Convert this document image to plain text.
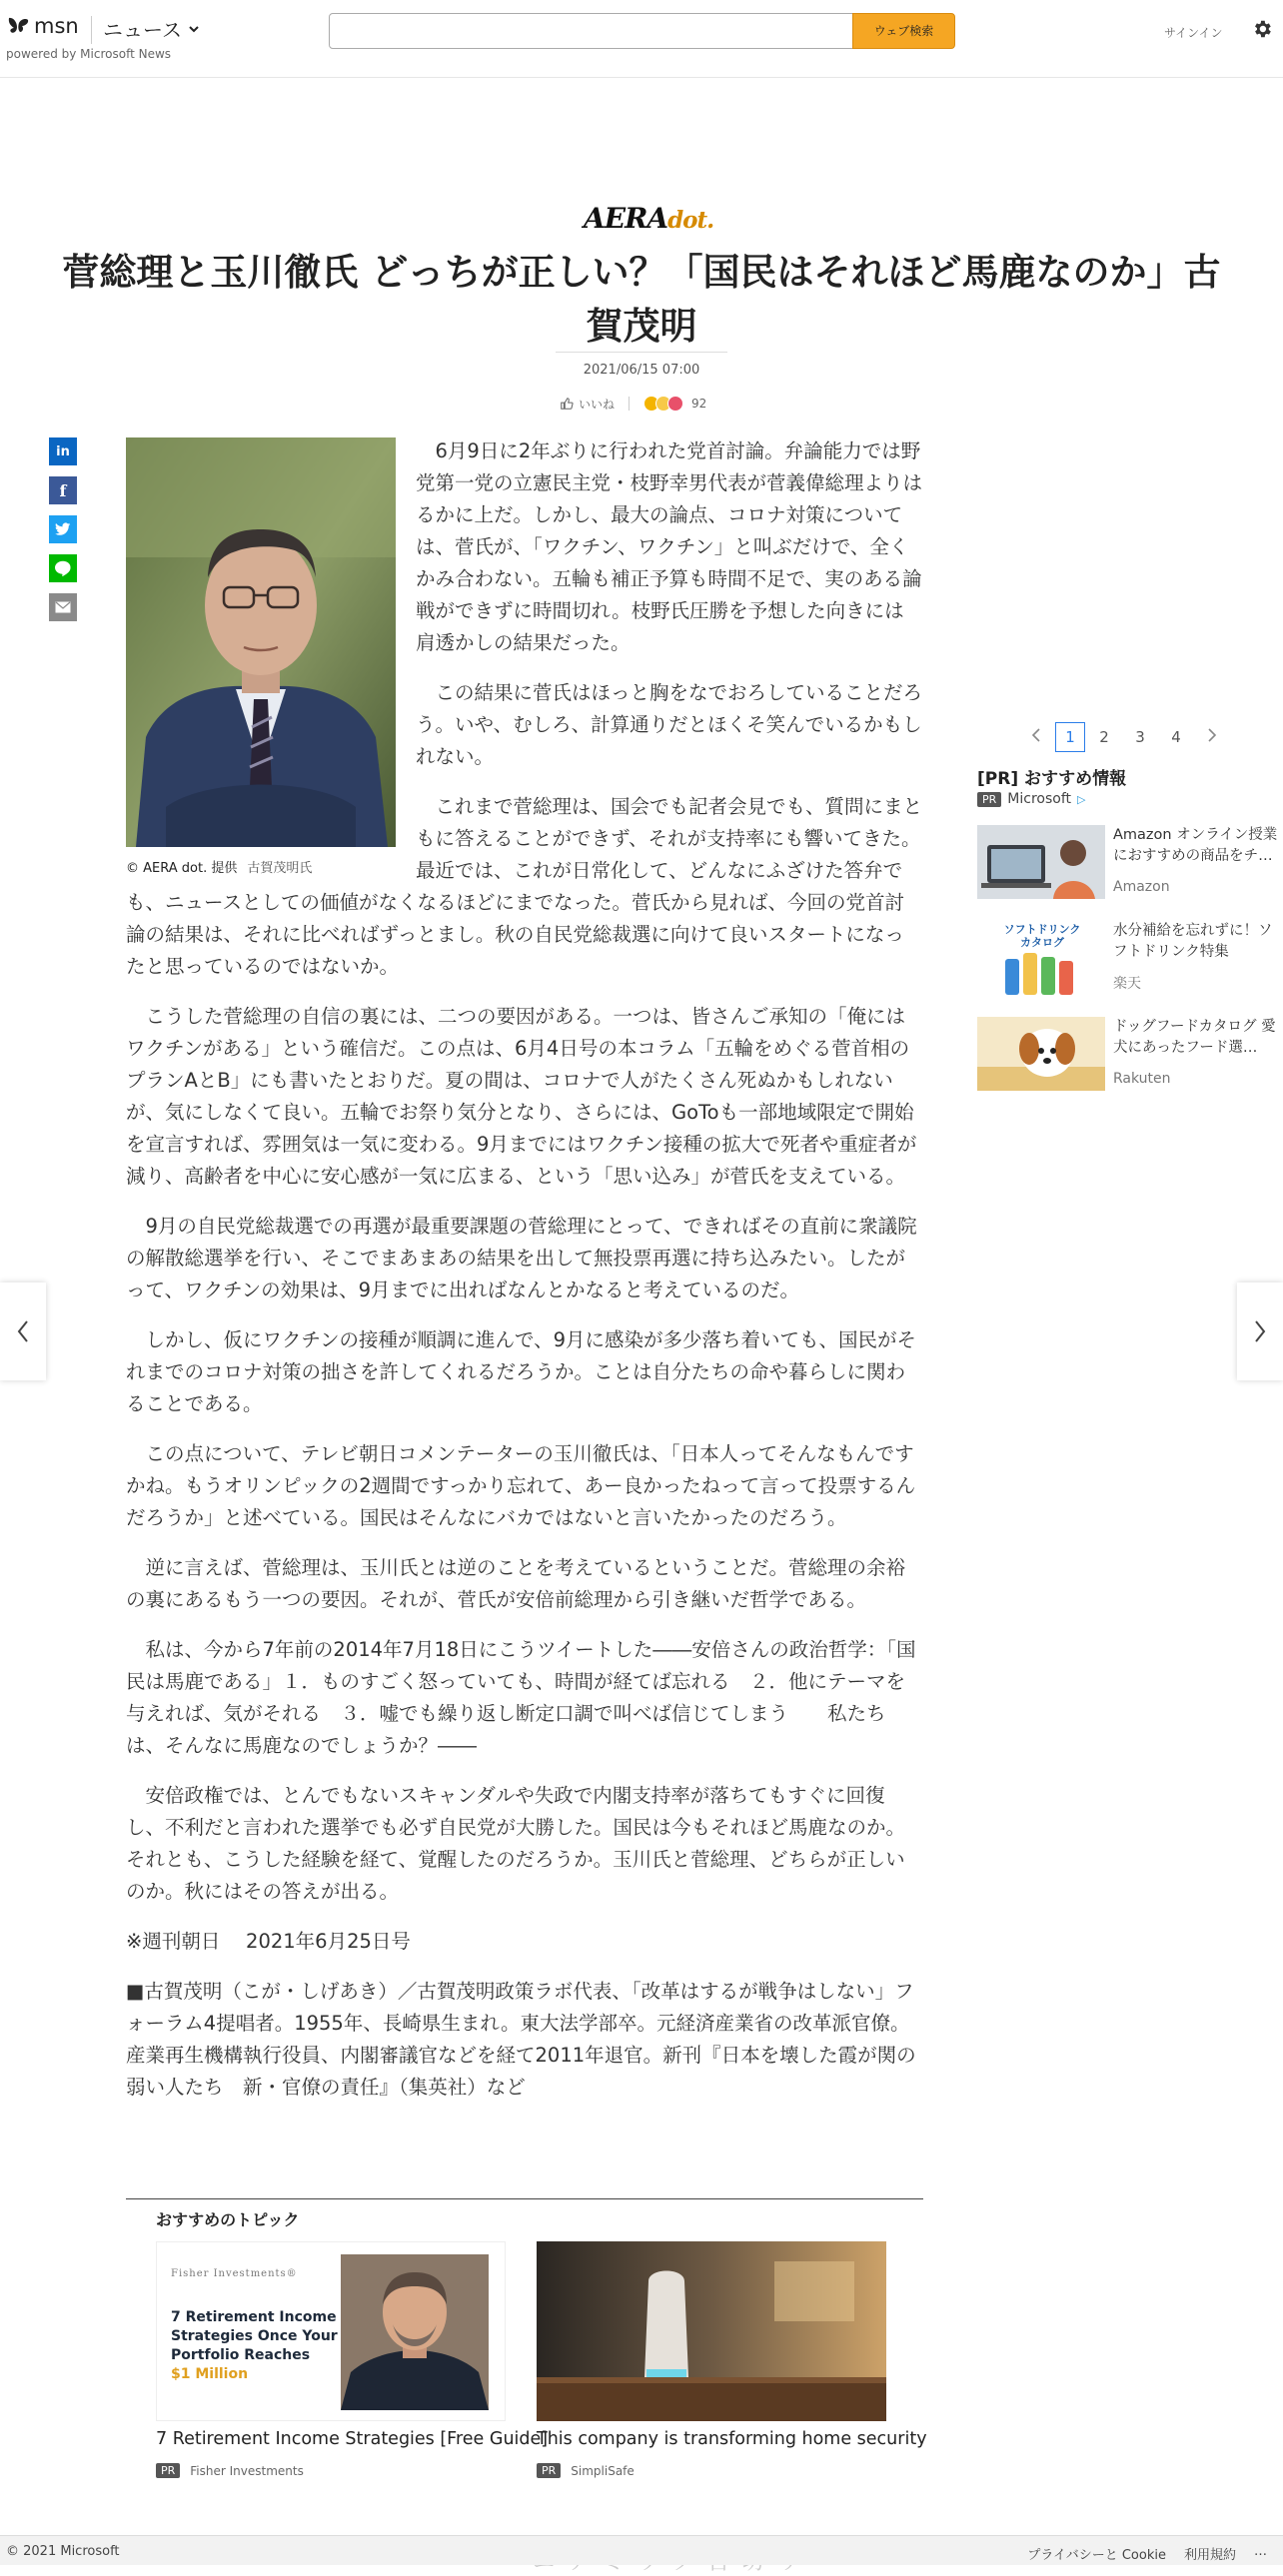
msn ニュース
powered by Microsoft News
ウェブ検索	サインイン
AERAdot.
菅総理と玉川徹氏 どっちが正しい？「国民はそれほど馬鹿なのか」古賀茂明
2021/06/15 07:00
いいね	92
in
f
© AERA dot. 提供 古賀茂明氏

6月9日に2年ぶりに行われた党首討論。弁論能力では野党第一党の立憲民主党・枝野幸男代表が菅義偉総理よりはるかに上だ。しかし、最大の論点、コロナ対策については、菅氏が、「ワクチン、ワクチン」と叫ぶだけで、全くかみ合わない。五輪も補正予算も時間不足で、実のある論戦ができずに時間切れ。枝野氏圧勝を予想した向きには肩透かしの結果だった。

この結果に菅氏はほっと胸をなでおろしていることだろう。いや、むしろ、計算通りだとほくそ笑んでいるかもしれない。

これまで菅総理は、国会でも記者会見でも、質問にまともに答えることができず、それが支持率にも響いてきた。最近では、これが日常化して、どんなにふざけた答弁でも、ニュースとしての価値がなくなるほどにまでなった。菅氏から見れば、今回の党首討論の結果は、それに比べればずっとまし。秋の自民党総裁選に向けて良いスタートになったと思っているのではないか。

こうした菅総理の自信の裏には、二つの要因がある。一つは、皆さんご承知の「俺にはワクチンがある」という確信だ。この点は、6月4日号の本コラム「五輪をめぐる菅首相のプランAとB」にも書いたとおりだ。夏の間は、コロナで人がたくさん死ぬかもしれないが、気にしなくて良い。五輪でお祭り気分となり、さらには、GoToも一部地域限定で開始を宣言すれば、雰囲気は一気に変わる。9月までにはワクチン接種の拡大で死者や重症者が減り、高齢者を中心に安心感が一気に広まる、という「思い込み」が菅氏を支えている。

9月の自民党総裁選での再選が最重要課題の菅総理にとって、できればその直前に衆議院の解散総選挙を行い、そこでまあまあの結果を出して無投票再選に持ち込みたい。したがって、ワクチンの効果は、9月までに出ればなんとかなると考えているのだ。

しかし、仮にワクチンの接種が順調に進んで、9月に感染が多少落ち着いても、国民がそれまでのコロナ対策の拙さを許してくれるだろうか。ことは自分たちの命や暮らしに関わることである。

この点について、テレビ朝日コメンテーターの玉川徹氏は、「日本人ってそんなもんですかね。もうオリンピックの2週間ですっかり忘れて、あー良かったねって言って投票するんだろうか」と述べている。国民はそんなにバカではないと言いたかったのだろう。

逆に言えば、菅総理は、玉川氏とは逆のことを考えているということだ。菅総理の余裕の裏にあるもう一つの要因。それが、菅氏が安倍前総理から引き継いだ哲学である。

私は、今から7年前の2014年7月18日にこうツイートした――安倍さんの政治哲学：「国民は馬鹿である」１．ものすごく怒っていても、時間が経てば忘れる　２．他にテーマを与えれば、気がそれる　３．嘘でも繰り返し断定口調で叫べば信じてしまう　　私たちは、そんなに馬鹿なのでしょうか？――

安倍政権では、とんでもないスキャンダルや失政で内閣支持率が落ちてもすぐに回復し、不利だと言われた選挙でも必ず自民党が大勝した。国民は今もそれほど馬鹿なのか。それとも、こうした経験を経て、覚醒したのだろうか。玉川氏と菅総理、どちらが正しいのか。秋にはその答えが出る。

※週刊朝日　 2021年6月25日号

■古賀茂明（こが・しげあき）／古賀茂明政策ラボ代表、「改革はするが戦争はしない」フォーラム4提唱者。1955年、長崎県生まれ。東大法学部卒。元経済産業省の改革派官僚。産業再生機構執行役員、内閣審議官などを経て2011年退官。新刊『日本を壊した霞が関の弱い人たち　新・官僚の責任』（集英社）など

おすすめのトピック
Fisher Investments®
7 Retirement Income
Strategies Once Your
Portfolio Reaches
$1 Million
7 Retirement Income Strategies [Free Guide]
PR	Fisher Investments
This company is transforming home security
PR	SimpliSafe
1	2	3	4
[PR] おすすめ情報
PR Microsoft ▷
Amazon オンライン授業におすすめの商品をチ…
Amazon
ソフトドリンク カタログ
水分補給を忘れずに！ソフトドリンク特集
楽天
ドッグフードカタログ 愛犬にあったフード選…
Rakuten
© 2021 Microsoft	プライバシーと Cookie 利用規約 …
